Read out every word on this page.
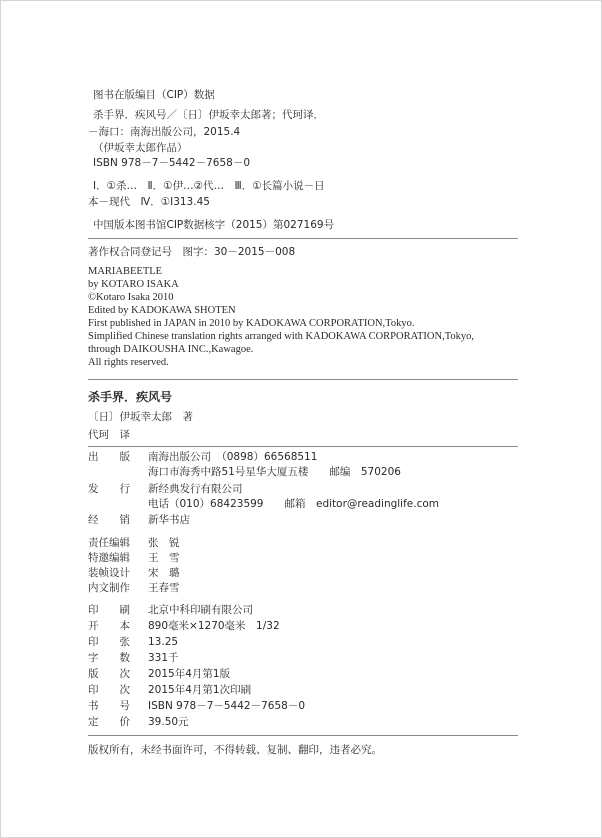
图书在版编目（CIP）数据
杀手界．疾风号／〔日〕伊坂幸太郎著；代珂译．
－海口：南海出版公司，2015.4
（伊坂幸太郎作品）
ISBN 978－7－5442－7658－0
Ⅰ．①杀…　Ⅱ．①伊…②代…　Ⅲ．①长篇小说－日
本－现代　Ⅳ．①I313.45
中国版本图书馆CIP数据核字（2015）第027169号
著作权合同登记号　图字：30－2015－008
MARIABEETLE
by KOTARO ISAKA
©Kotaro Isaka 2010
Edited by KADOKAWA SHOTEN
First published in JAPAN in 2010 by KADOKAWA CORPORATION,Tokyo.
Simplified Chinese translation rights arranged with KADOKAWA CORPORATION,Tokyo,
through DAIKOUSHA INC.,Kawagoe.
All rights reserved.
杀手界．疾风号
〔日〕伊坂幸太郎　著
代珂　译
出　　版 南海出版公司　（0898）66568511
海口市海秀中路51号星华大厦五楼　　邮编　570206
发　　行 新经典发行有限公司
电话（010）68423599　　邮箱　editor@readinglife.com
经　　销 新华书店
责任编辑 张　锐
特邀编辑 王　雪
装帧设计 宋　璐
内文制作 王春雪
印　　刷 北京中科印刷有限公司
开　　本 890毫米×1270毫米　1/32
印　　张 13.25
字　　数 331千
版　　次 2015年4月第1版
印　　次 2015年4月第1次印刷
书　　号 ISBN 978－7－5442－7658－0
定　　价 39.50元
版权所有，未经书面许可，不得转载、复制、翻印，违者必究。
